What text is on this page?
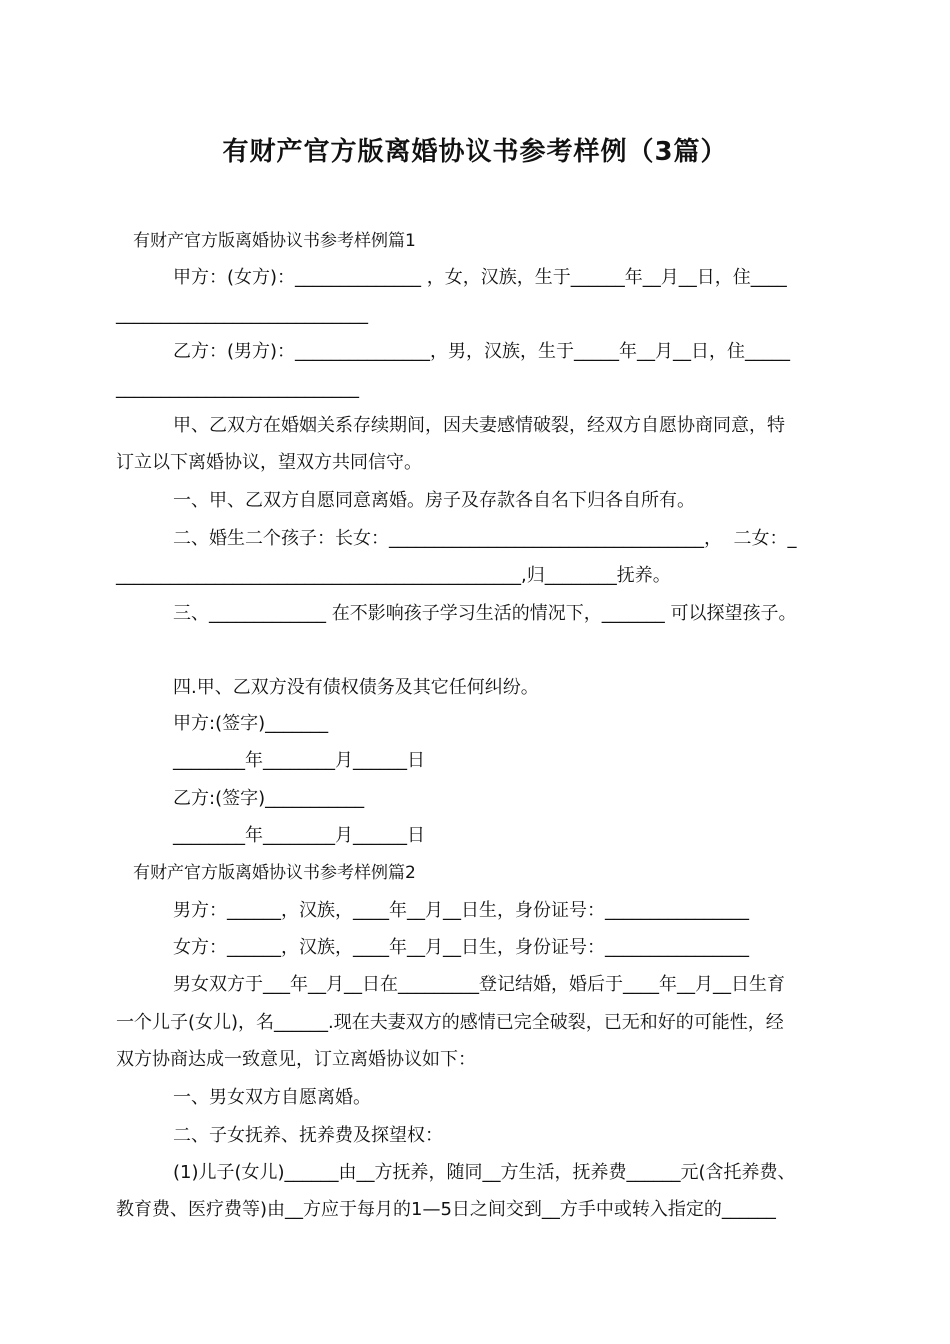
有财产官方版离婚协议书参考样例（3篇）
有财产官方版离婚协议书参考样例篇1
甲方：(女方)：______________ ，女，汉族，生于______年__月__日，住____
____________________________
乙方：(男方)：_______________，男，汉族，生于_____年__月__日，住_____
___________________________
甲、乙双方在婚姻关系存续期间，因夫妻感情破裂，经双方自愿协商同意，特
订立以下离婚协议，望双方共同信守。
一、甲、乙双方自愿同意离婚。房子及存款各自名下归各自所有。
二、婚生二个孩子：长女：___________________________________，  二女：_
_____________________________________________,归________抚养。
三、_____________ 在不影响孩子学习生活的情况下，_______ 可以探望孩子。
四.甲、乙双方没有债权债务及其它任何纠纷。
甲方:(签字)_______
________年________月______日
乙方:(签字)___________
________年________月______日
有财产官方版离婚协议书参考样例篇2
男方：______，汉族，____年__月__日生，身份证号：________________
女方：______，汉族，____年__月__日生，身份证号：________________
男女双方于___年__月__日在_________登记结婚，婚后于____年__月__日生育
一个儿子(女儿)，名______.现在夫妻双方的感情已完全破裂，已无和好的可能性，经
双方协商达成一致意见，订立离婚协议如下：
一、男女双方自愿离婚。
二、子女抚养、抚养费及探望权：
(1)儿子(女儿)______由__方抚养，随同__方生活，抚养费______元(含托养费、
教育费、医疗费等)由__方应于每月的1—5日之间交到__方手中或转入指定的______
